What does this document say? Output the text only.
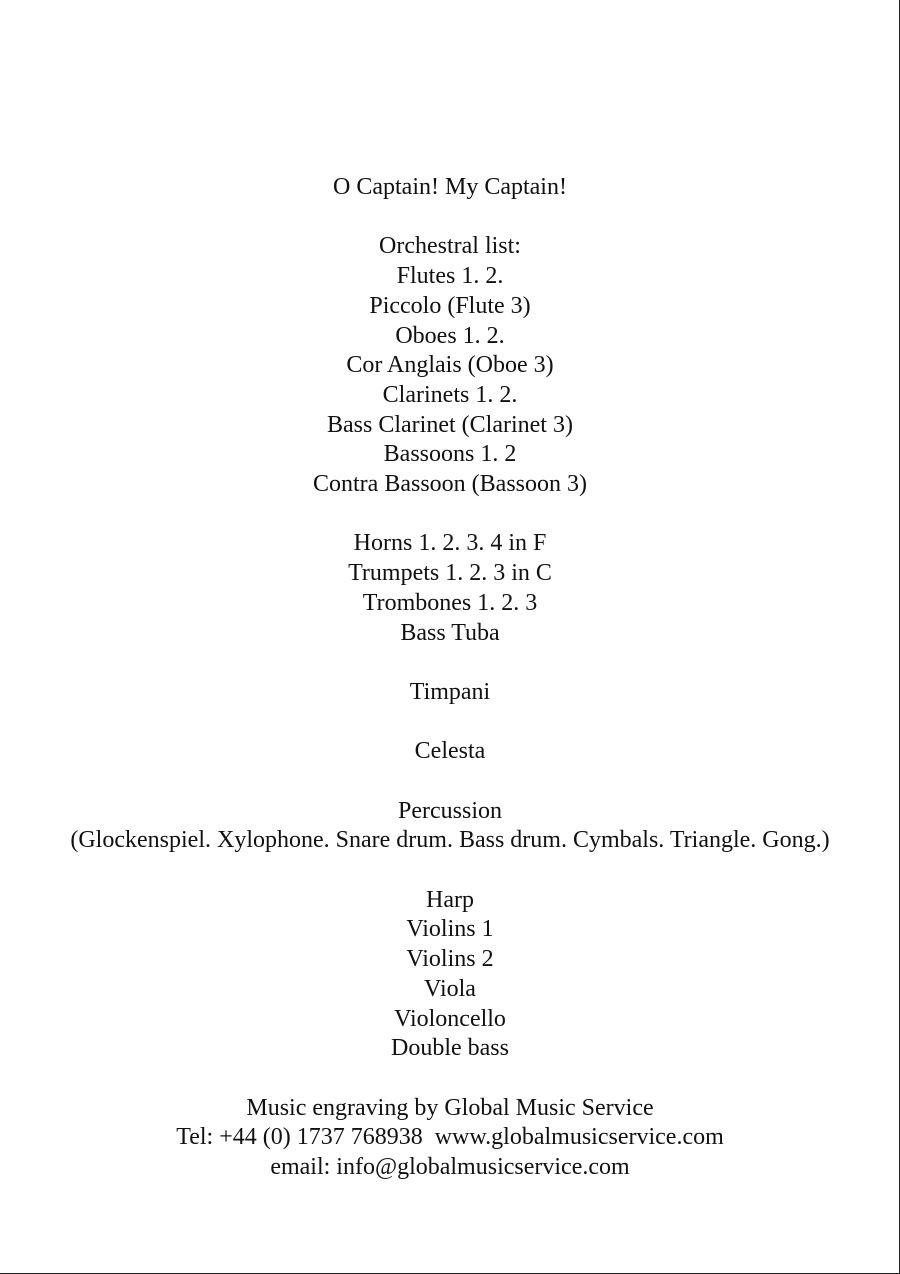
O Captain! My Captain!
Orchestral list:
Flutes 1. 2.
Piccolo (Flute 3)
Oboes 1. 2.
Cor Anglais (Oboe 3)
Clarinets 1. 2.
Bass Clarinet (Clarinet 3)
Bassoons 1. 2
Contra Bassoon (Bassoon 3)
Horns 1. 2. 3. 4 in F
Trumpets 1. 2. 3 in C
Trombones 1. 2. 3
Bass Tuba
Timpani
Celesta
Percussion
(Glockenspiel. Xylophone. Snare drum. Bass drum. Cymbals. Triangle. Gong.)
Harp
Violins 1
Violins 2
Viola
Violoncello
Double bass
Music engraving by Global Music Service
Tel: +44 (0) 1737 768938  www.globalmusicservice.com
email: info@globalmusicservice.com
